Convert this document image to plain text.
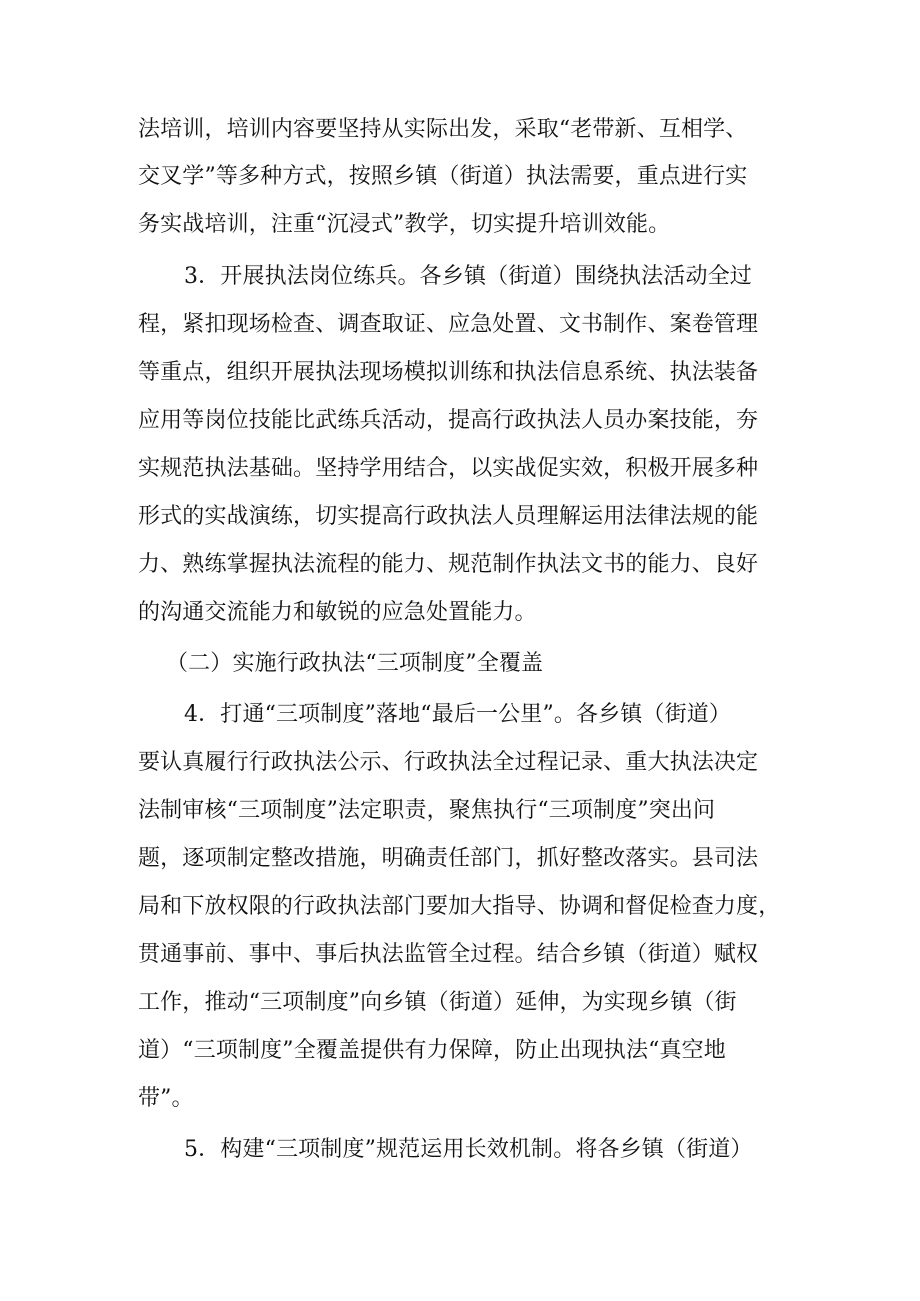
法培训，培训内容要坚持从实际出发，采取“老带新、互相学、

交叉学”等多种方式，按照乡镇（街道）执法需要，重点进行实

务实战培训，注重“沉浸式”教学，切实提升培训效能。

3．开展执法岗位练兵。各乡镇（街道）围绕执法活动全过

程，紧扣现场检查、调查取证、应急处置、文书制作、案卷管理

等重点，组织开展执法现场模拟训练和执法信息系统、执法装备

应用等岗位技能比武练兵活动，提高行政执法人员办案技能，夯

实规范执法基础。坚持学用结合，以实战促实效，积极开展多种

形式的实战演练，切实提高行政执法人员理解运用法律法规的能

力、熟练掌握执法流程的能力、规范制作执法文书的能力、良好

的沟通交流能力和敏锐的应急处置能力。

（二）实施行政执法“三项制度”全覆盖

4．打通“三项制度”落地“最后一公里”。各乡镇（街道）

要认真履行行政执法公示、行政执法全过程记录、重大执法决定

法制审核“三项制度”法定职责，聚焦执行“三项制度”突出问

题，逐项制定整改措施，明确责任部门，抓好整改落实。县司法

局和下放权限的行政执法部门要加大指导、协调和督促检查力度，

贯通事前、事中、事后执法监管全过程。结合乡镇（街道）赋权

工作，推动“三项制度”向乡镇（街道）延伸，为实现乡镇（街

道）“三项制度”全覆盖提供有力保障，防止出现执法“真空地

带”。

5．构建“三项制度”规范运用长效机制。将各乡镇（街道）
